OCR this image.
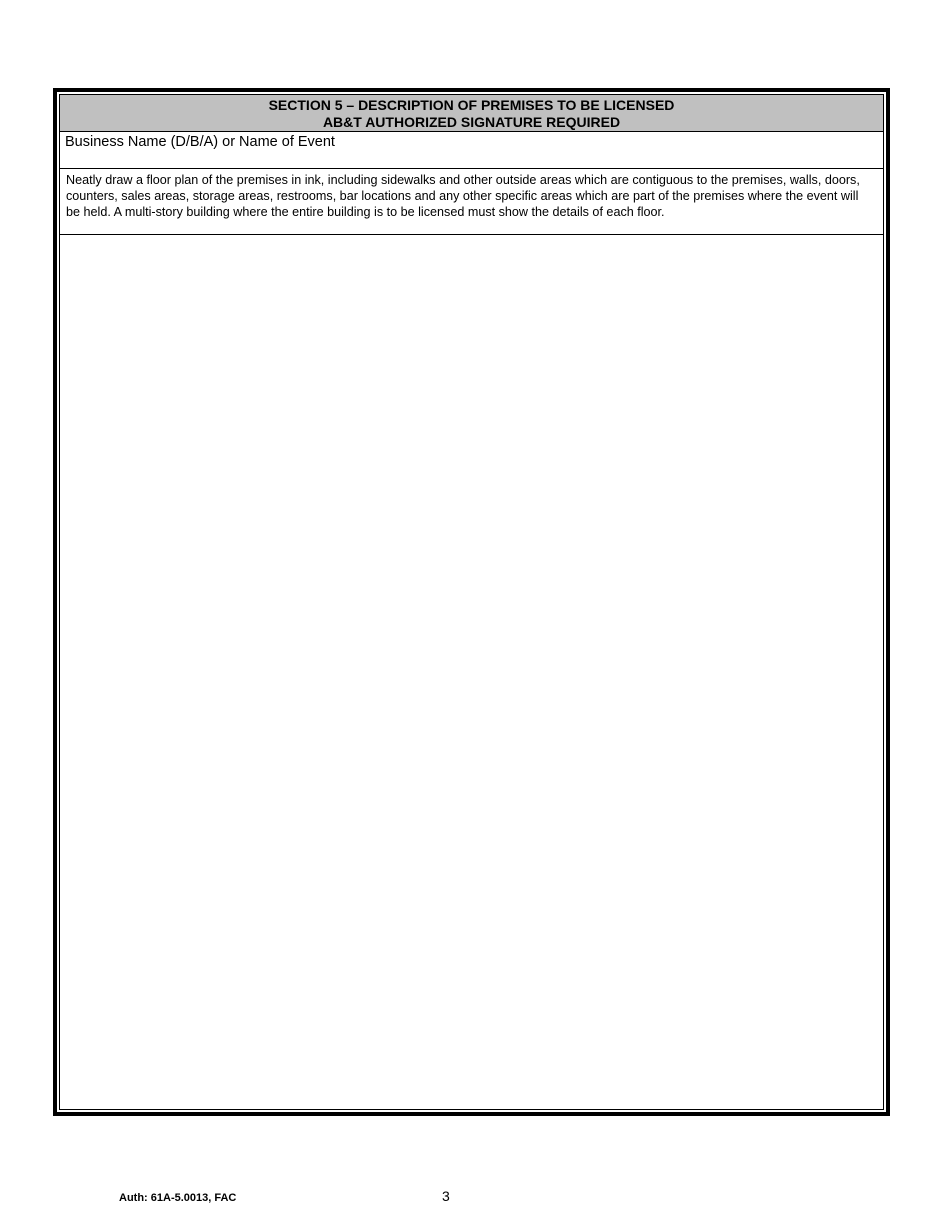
SECTION 5 – DESCRIPTION OF PREMISES TO BE LICENSED
AB&T AUTHORIZED SIGNATURE REQUIRED
Business Name (D/B/A) or Name of Event
Neatly draw a floor plan of the premises in ink, including sidewalks and other outside areas which are contiguous to the premises, walls, doors, counters, sales areas, storage areas, restrooms, bar locations and any other specific areas which are part of the premises where the event will be held. A multi-story building where the entire building is to be licensed must show the details of each floor.
Auth: 61A-5.0013, FAC	3
